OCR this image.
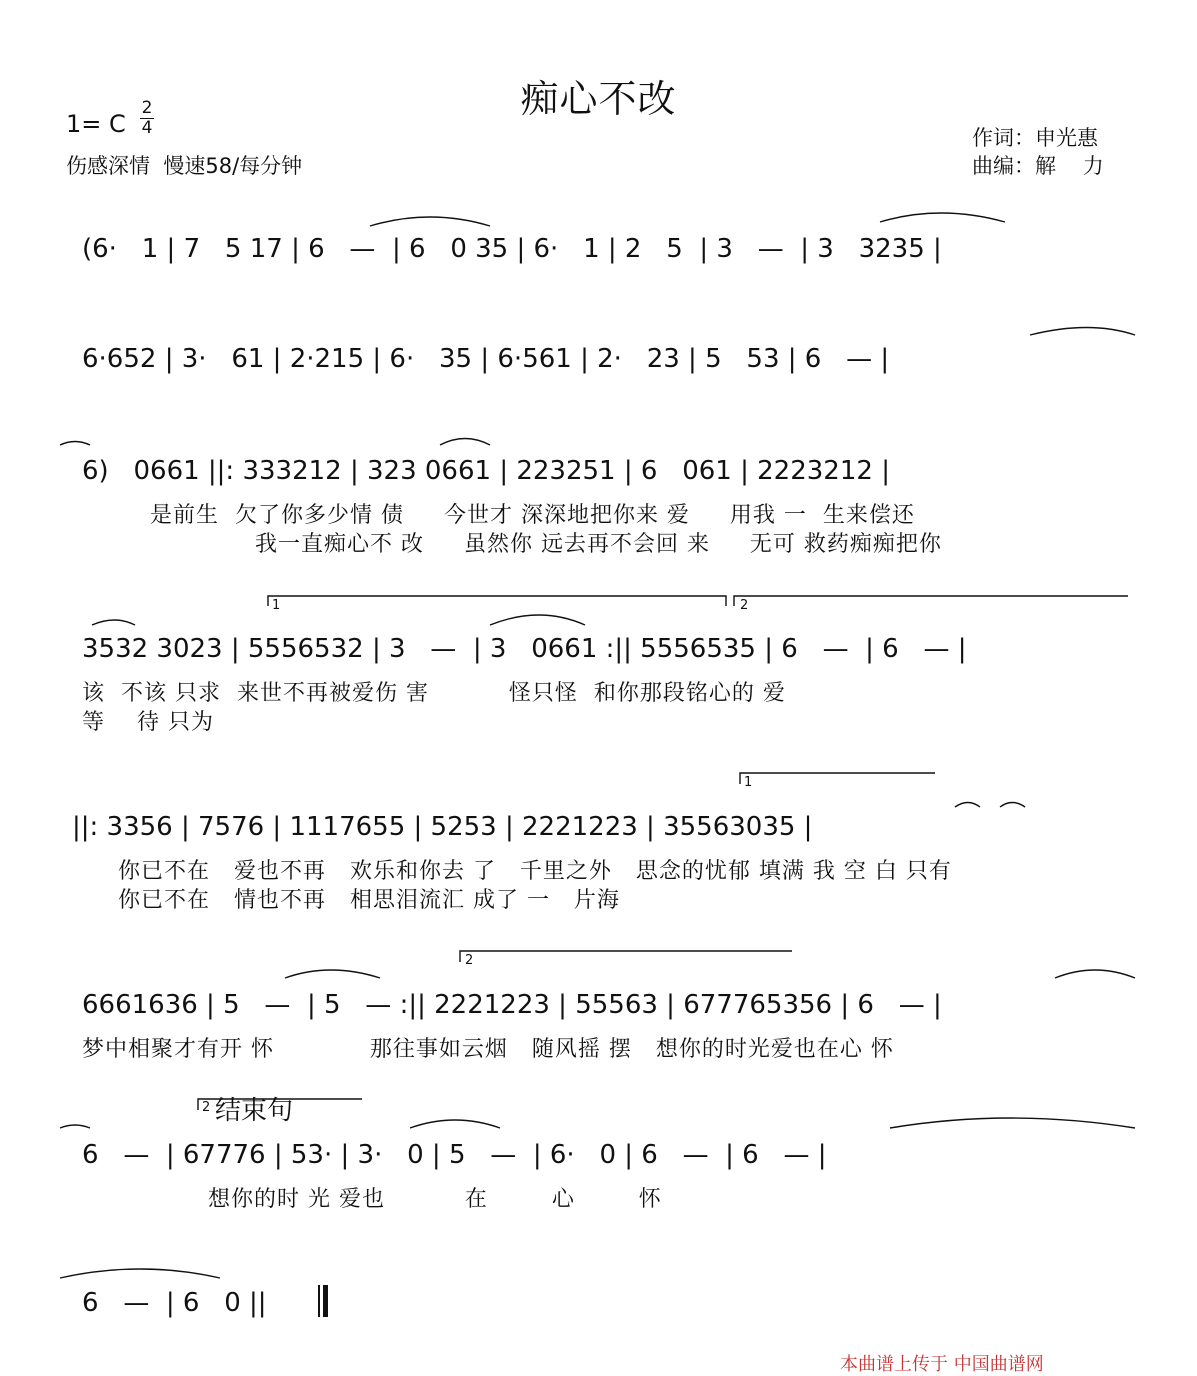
痴心不改
1= C
2
4
伤感深情  慢速58/每分钟
作词：申光惠
曲编：解    力
(6·   1 | 7   5 17 | 6   —  | 6   0 35 | 6·   1 | 2   5  | 3   —  | 3   3235 |
6·652 | 3·   61 | 2·215 | 6·   35 | 6·561 | 2·   23 | 5   53 | 6   — |
6)   0661 ||: 333212 | 323 0661 | 223251 | 6   061 | 2223212 |
是前生  欠了你多少情 债     今世才 深深地把你来 爱     用我 一  生来偿还
我一直痴心不 改     虽然你 远去再不会回 来     无可 救药痴痴把你
3532 3023 | 5556532 | 3   —  | 3   0661 :|| 5556535 | 6   —  | 6   — |
该  不该 只求  来世不再被爱伤 害          怪只怪  和你那段铭心的 爱
等    待 只为
||: 3356 | 7576 | 1117655 | 5253 | 2221223 | 35563035 |
你已不在   爱也不再   欢乐和你去 了   千里之外   思念的忧郁 填满 我 空 白 只有
你已不在   情也不再   相思泪流汇 成了 一   片海
6661636 | 5   —  | 5   — :|| 2221223 | 55563 | 677765356 | 6   — |
梦中相聚才有开 怀            那往事如云烟   随风摇 摆   想你的时光爱也在心 怀
6   —  | 67776 | 53· | 3·   0 | 5   —  | 6·   0 | 6   —  | 6   — |
想你的时 光 爱也          在        心        怀
6   —  | 6   0 ||
1	2
1
2
2 结束句
本曲谱上传于 中国曲谱网
